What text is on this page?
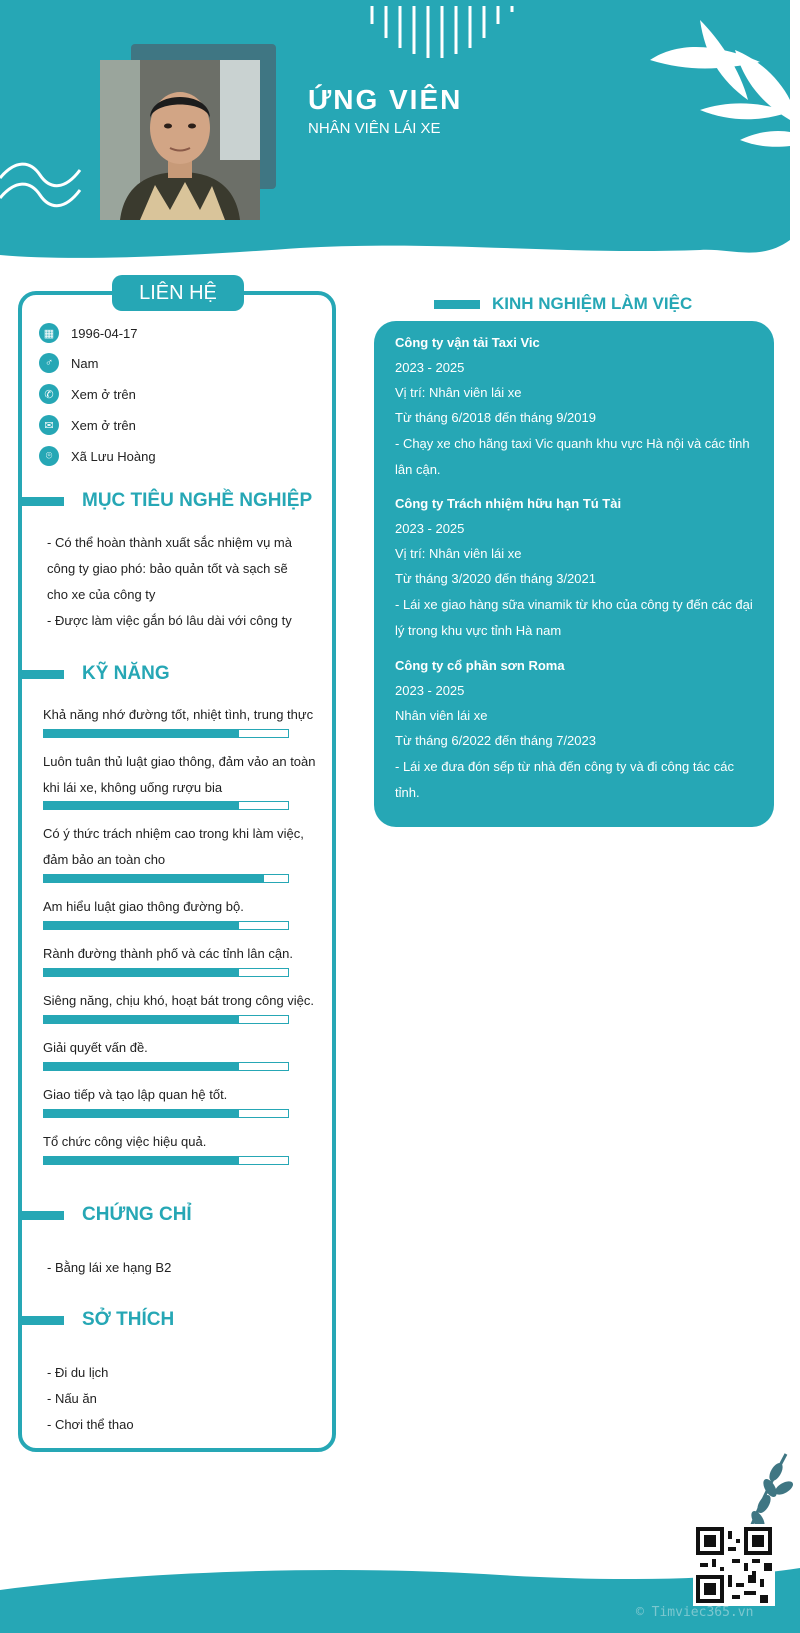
ỨNG VIÊN
NHÂN VIÊN LÁI XE
LIÊN HỆ
▦	1996-04-17
♂	Nam
✆	Xem ở trên
✉	Xem ở trên
⌾	Xã Lưu Hoàng
MỤC TIÊU NGHỀ NGHIỆP
- Có thể hoàn thành xuất sắc nhiệm vụ mà
công ty giao phó: bảo quản tốt và sạch sẽ
cho xe của công ty
- Được làm việc gắn bó lâu dài với công ty
KỸ NĂNG
Khả năng nhớ đường tốt, nhiệt tình, trung thực
Luôn tuân thủ luật giao thông, đảm vảo an toàn khi lái xe, không uống rượu bia
Có ý thức trách nhiệm cao trong khi làm việc, đảm bảo an toàn cho
Am hiểu luật giao thông đường bộ.
Rành đường thành phố và các tỉnh lân cận.
Siêng năng, chịu khó, hoạt bát trong công việc.
Giải quyết vấn đề.
Giao tiếp và tạo lập quan hệ tốt.
Tổ chức công việc hiệu quả.
CHỨNG CHỈ
- Bằng lái xe hạng B2
SỞ THÍCH
- Đi du lịch
- Nấu ăn
- Chơi thể thao
KINH NGHIỆM LÀM VIỆC
Công ty vận tải Taxi Vic
2023 - 2025
Vị trí: Nhân viên lái xe
Từ tháng 6/2018 đến tháng 9/2019
- Chạy xe cho hãng taxi Vic quanh khu vực Hà nội và các tỉnh
lân cận.
Công ty Trách nhiệm hữu hạn Tú Tài
2023 - 2025
Vị trí: Nhân viên lái xe
Từ tháng 3/2020 đến tháng 3/2021
- Lái xe giao hàng sữa vinamik từ kho của công ty đến các đại
lý trong khu vực tỉnh Hà nam
Công ty cổ phần sơn Roma
2023 - 2025
Nhân viên lái xe
Từ tháng 6/2022 đến tháng 7/2023
- Lái xe đưa đón sếp từ nhà đến công ty và đi công tác các
tỉnh.
© Timviec365.vn
